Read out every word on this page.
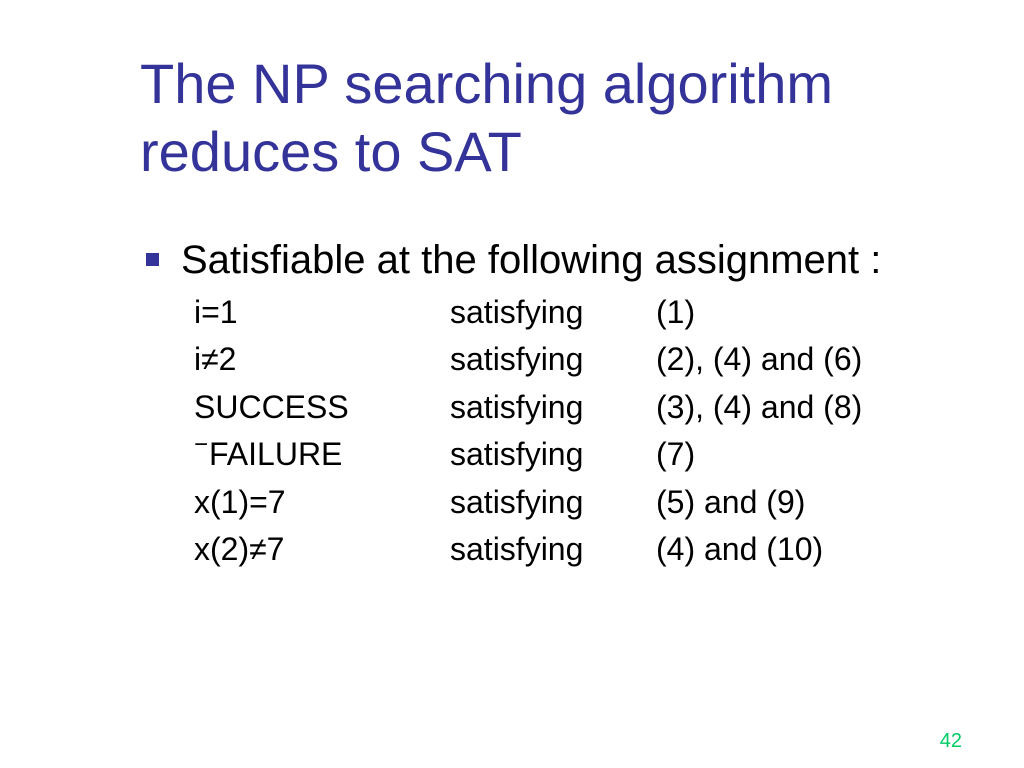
The NP searching algorithm
reduces to SAT
Satisfiable at the following assignment :
i=1	satisfying (1)
i≠2	satisfying (2), (4) and (6)
SUCCESS	satisfying (3), (4) and (8)
−FAILURE	satisfying (7)
x(1)=7	satisfying (5) and (9)
x(2)≠7	satisfying (4) and (10)
42
